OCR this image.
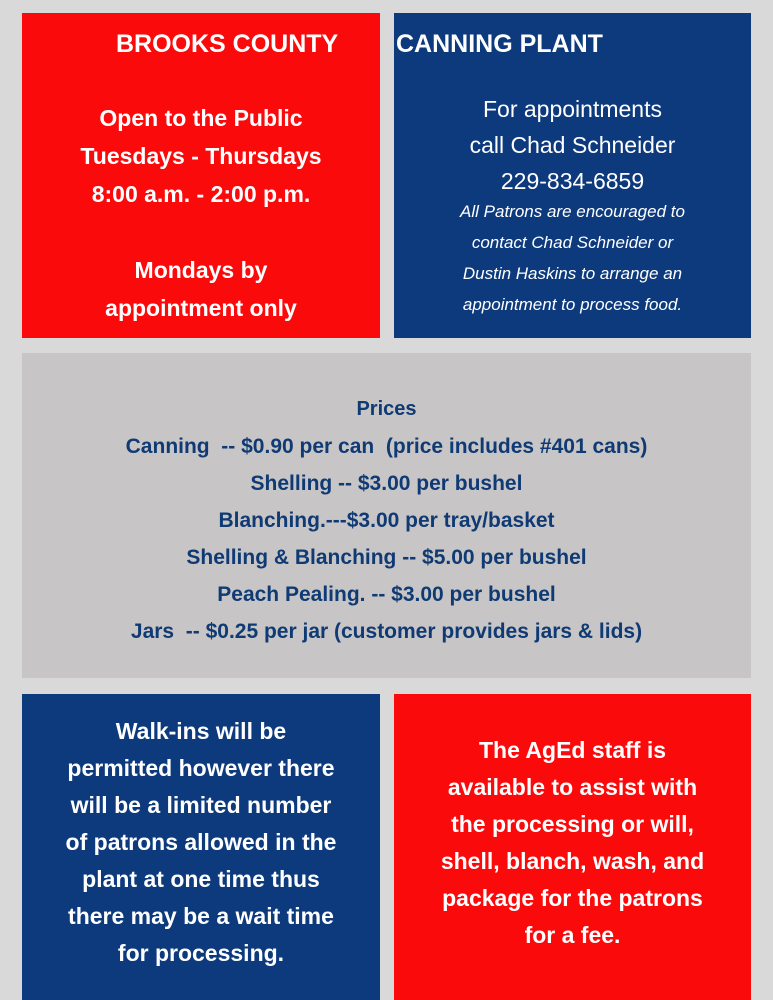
BROOKS COUNTY CANNING PLANT
Open to the Public
Tuesdays - Thursdays
8:00 a.m. - 2:00 p.m.
Mondays by
appointment only
For appointments
call Chad Schneider
229-834-6859
All Patrons are encouraged to
contact Chad Schneider or
Dustin Haskins to arrange an
appointment to process food.
Prices
Canning  -- $0.90 per can  (price includes #401 cans)
Shelling -- $3.00 per bushel
Blanching.---$3.00 per tray/basket
Shelling & Blanching -- $5.00 per bushel
Peach Pealing. -- $3.00 per bushel
Jars  -- $0.25 per jar (customer provides jars & lids)
Walk-ins will be
permitted however there
will be a limited number
of patrons allowed in the
plant at one time thus
there may be a wait time
for processing.
The AgEd staff is
available to assist with
the processing or will,
shell, blanch, wash, and
package for the patrons
for a fee.
